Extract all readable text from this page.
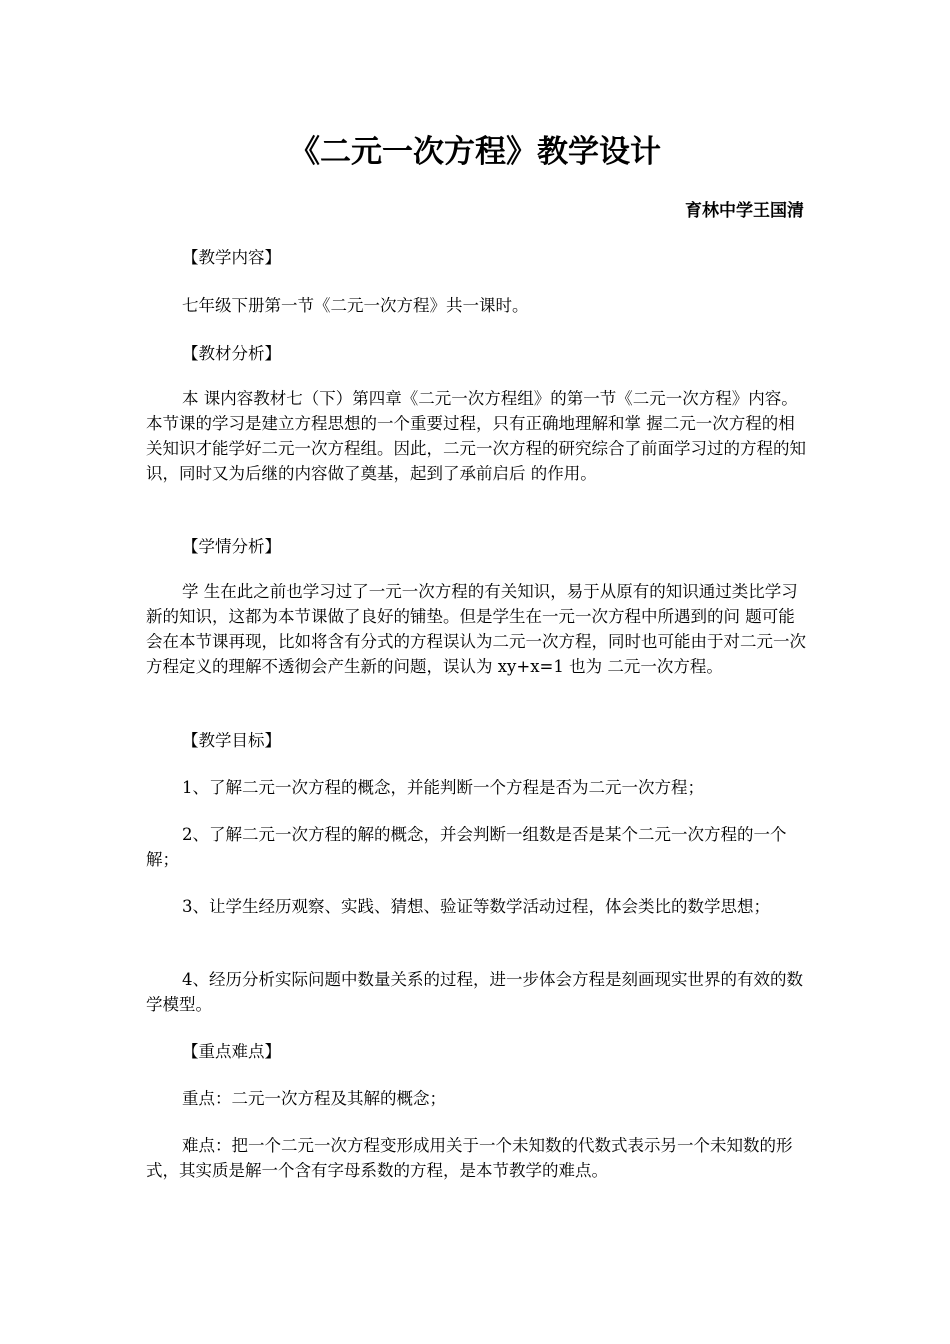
《二元一次方程》教学设计

育林中学王国清

【教学内容】

七年级下册第一节《二元一次方程》共一课时。

【教材分析】

本 课内容教材七（下）第四章《二元一次方程组》的第一节《二元一次方程》内容。本节课的学习是建立方程思想的一个重要过程，只有正确地理解和掌 握二元一次方程的相关知识才能学好二元一次方程组。因此，二元一次方程的研究综合了前面学习过的方程的知识，同时又为后继的内容做了奠基，起到了承前启后 的作用。

【学情分析】

学 生在此之前也学习过了一元一次方程的有关知识，易于从原有的知识通过类比学习新的知识，这都为本节课做了良好的铺垫。但是学生在一元一次方程中所遇到的问 题可能会在本节课再现，比如将含有分式的方程误认为二元一次方程，同时也可能由于对二元一次方程定义的理解不透彻会产生新的问题，误认为 xy+x=1 也为 二元一次方程。

【教学目标】

1、了解二元一次方程的概念，并能判断一个方程是否为二元一次方程；

2、了解二元一次方程的解的概念，并会判断一组数是否是某个二元一次方程的一个解；

3、让学生经历观察、实践、猜想、验证等数学活动过程，体会类比的数学思想；

4、经历分析实际问题中数量关系的过程，进一步体会方程是刻画现实世界的有效的数学模型。

【重点难点】

重点：二元一次方程及其解的概念；

难点：把一个二元一次方程变形成用关于一个未知数的代数式表示另一个未知数的形式，其实质是解一个含有字母系数的方程，是本节教学的难点。
